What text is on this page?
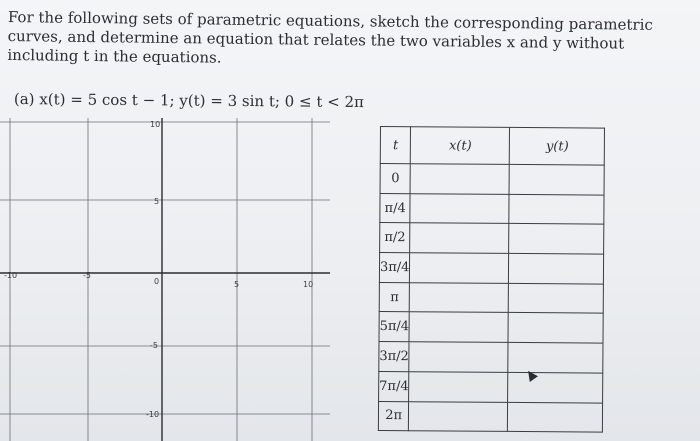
For the following sets of parametric equations, sketch the corresponding parametric curves, and determine an equation that relates the two variables x and y without including t in the equations.

(a) x(t) = 5 cos t − 1; y(t) = 3 sin t; 0 ≤ t < 2π
10
5
0
-5
-10
-10	-5
5	10
t	x(t)	y(t)
0		
π/4		
π/2		
3π/4		
π		
5π/4		
3π/2		
7π/4		
2π		
